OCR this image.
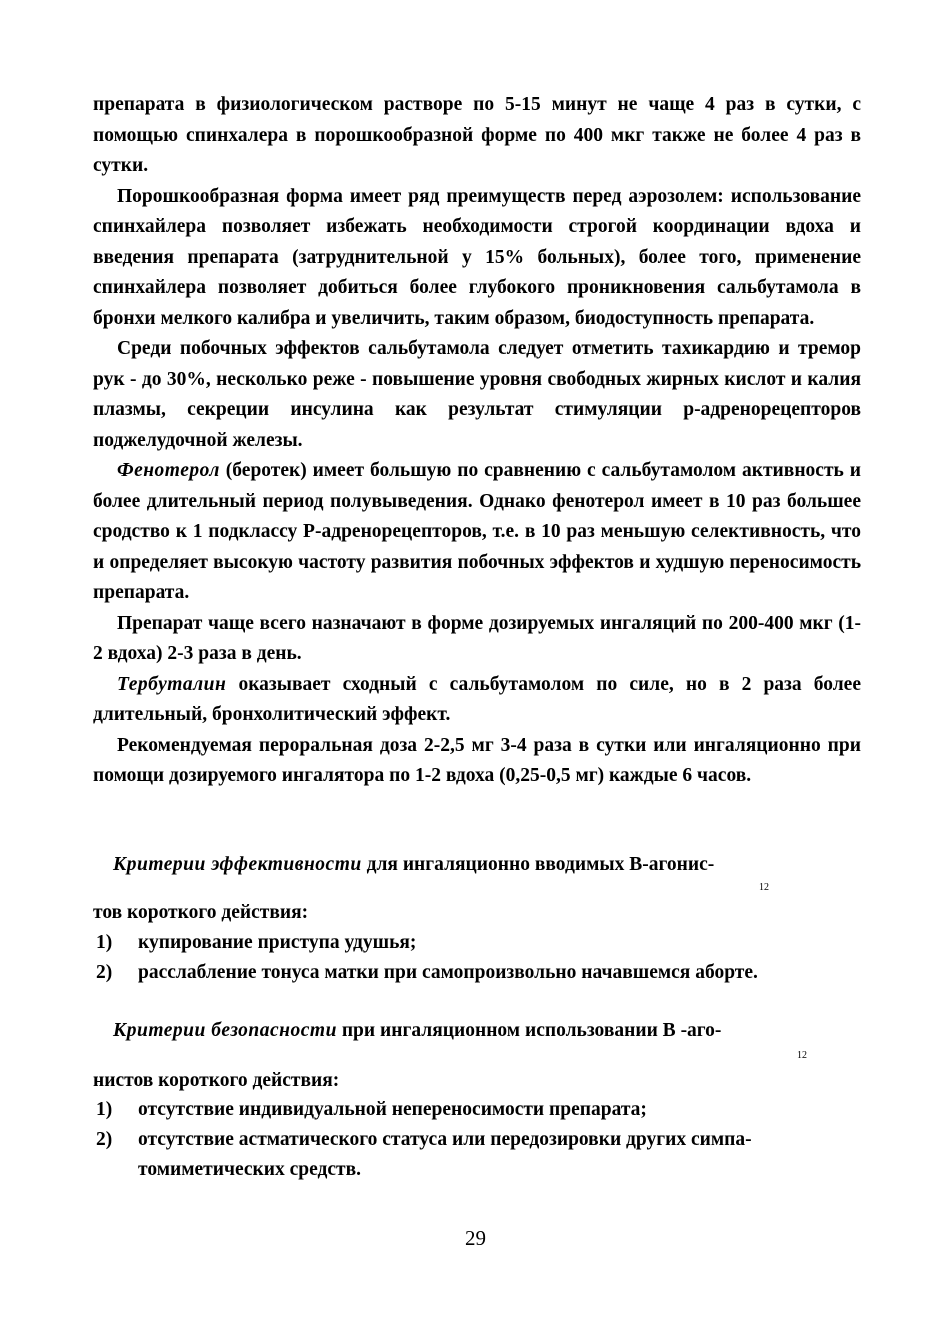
препарата в физиологическом растворе по 5-15 минут не чаще 4 раз в сутки, с помощью спинхалера в порошкообразной форме по 400 мкг также не более 4 раз в сутки.

Порошкообразная форма имеет ряд преимуществ перед аэрозолем: использование спинхайлера позволяет избежать необходимости строгой координации вдоха и введения препарата (затруднительной у 15% больных), более того, применение спинхайлера позволяет добиться более глубокого проникновения сальбутамола в бронхи мелкого калибра и увеличить, таким образом, биодоступность препарата.

Среди побочных эффектов сальбутамола следует отметить тахикардию и тремор рук - до 30%, несколько реже - повышение уровня свободных жирных кислот и калия плазмы, секреции инсулина как результат стимуляции р-адренорецепторов поджелудочной железы.

Фенотерол (беротек) имеет большую по сравнению с сальбутамолом активность и более длительный период полувыведения. Однако фенотерол имеет в 10 раз большее сродство к 1 подклассу Р-адренорецепторов, т.е. в 10 раз меньшую селективность, что и определяет высокую частоту развития побочных эффектов и худшую переносимость препарата.

Препарат чаще всего назначают в форме дозируемых ингаляций по 200-400 мкг (1-2 вдоха) 2-3 раза в день.

Тербуталин оказывает сходный с сальбутамолом по силе, но в 2 раза более длительный, бронхолитический эффект.

Рекомендуемая пероральная доза 2-2,5 мг 3-4 раза в сутки или ингаляционно при помощи дозируемого ингалятора по 1-2 вдоха (0,25-0,5 мг) каждые 6 часов.

Критерии эффективности для ингаляционно вводимых В-агонис-

12

тов короткого действия:

1) купирование приступа удушья;
2) расслабление тонуса матки при самопроизвольно начавшемся аборте.

Критерии безопасности при ингаляционном использовании В -аго-

12

нистов короткого действия:

1) отсутствие индивидуальной непереносимости препарата;
2) отсутствие астматического статуса или передозировки других симпа-томиметических средств.
29
